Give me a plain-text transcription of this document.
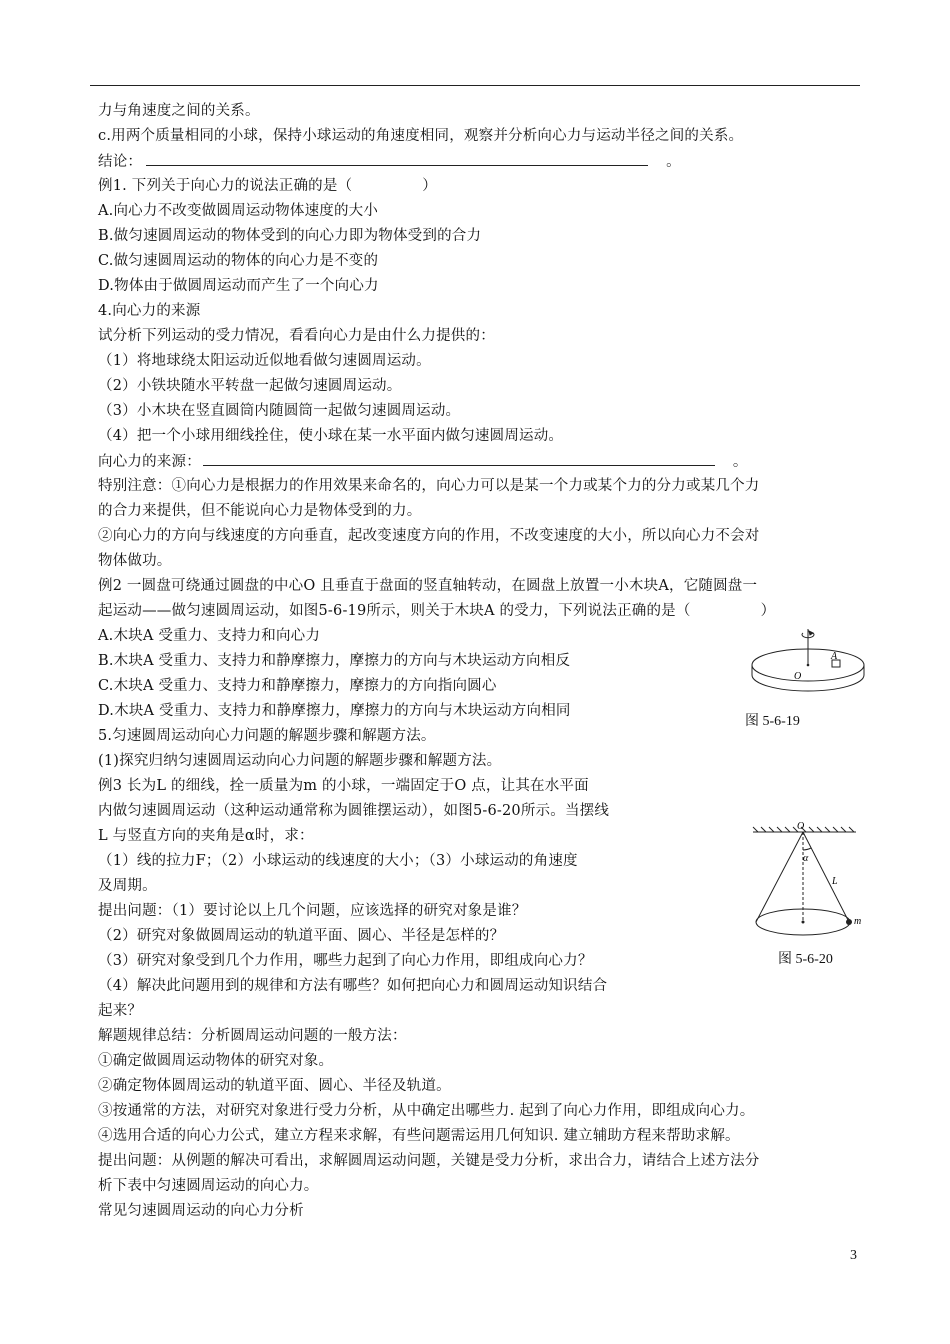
力与角速度之间的关系。
c.用两个质量相同的小球，保持小球运动的角速度相同，观察并分析向心力与运动半径之间的关系。
结论：	。
例1. 下列关于向心力的说法正确的是（	）
A.向心力不改变做圆周运动物体速度的大小
B.做匀速圆周运动的物体受到的向心力即为物体受到的合力
C.做匀速圆周运动的物体的向心力是不变的
D.物体由于做圆周运动而产生了一个向心力
4.向心力的来源
试分析下列运动的受力情况，看看向心力是由什么力提供的：
（1）将地球绕太阳运动近似地看做匀速圆周运动。
（2）小铁块随水平转盘一起做匀速圆周运动。
（3）小木块在竖直圆筒内随圆筒一起做匀速圆周运动。
（4）把一个小球用细线拴住，使小球在某一水平面内做匀速圆周运动。
向心力的来源：	。
特别注意：①向心力是根据力的作用效果来命名的，向心力可以是某一个力或某个力的分力或某几个力
的合力来提供，但不能说向心力是物体受到的力。
②向心力的方向与线速度的方向垂直，起改变速度方向的作用，不改变速度的大小，所以向心力不会对
物体做功。
例2 一圆盘可绕通过圆盘的中心O 且垂直于盘面的竖直轴转动，在圆盘上放置一小木块A，它随圆盘一
起运动——做匀速圆周运动，如图5-6-19所示，则关于木块A 的受力，下列说法正确的是（	）
A.木块A 受重力、支持力和向心力
B.木块A 受重力、支持力和静摩擦力，摩擦力的方向与木块运动方向相反
C.木块A 受重力、支持力和静摩擦力，摩擦力的方向指向圆心
D.木块A 受重力、支持力和静摩擦力，摩擦力的方向与木块运动方向相同
5.匀速圆周运动向心力问题的解题步骤和解题方法。
(1)探究归纳匀速圆周运动向心力问题的解题步骤和解题方法。
例3 长为L 的细线，拴一质量为m 的小球，一端固定于O 点，让其在水平面
内做匀速圆周运动（这种运动通常称为圆锥摆运动），如图5-6-20所示。当摆线
L 与竖直方向的夹角是α时，求：
（1）线的拉力F；（2）小球运动的线速度的大小；（3）小球运动的角速度
及周期。
提出问题：（1）要讨论以上几个问题，应该选择的研究对象是谁？
（2）研究对象做圆周运动的轨道平面、圆心、半径是怎样的？
（3）研究对象受到几个力作用，哪些力起到了向心力作用，即组成向心力？
（4）解决此问题用到的规律和方法有哪些？如何把向心力和圆周运动知识结合
起来？
解题规律总结：分析圆周运动问题的一般方法：
①确定做圆周运动物体的研究对象。
②确定物体圆周运动的轨道平面、圆心、半径及轨道。
③按通常的方法，对研究对象进行受力分析，从中确定出哪些力. 起到了向心力作用，即组成向心力。
④选用合适的向心力公式，建立方程来求解，有些问题需运用几何知识. 建立辅助方程来帮助求解。
提出问题：从例题的解决可看出，求解圆周运动问题，关键是受力分析，求出合力，请结合上述方法分
析下表中匀速圆周运动的向心力。
常见匀速圆周运动的向心力分析
A
O
图 5-6-19
O
α
L
m
图 5-6-20
3
